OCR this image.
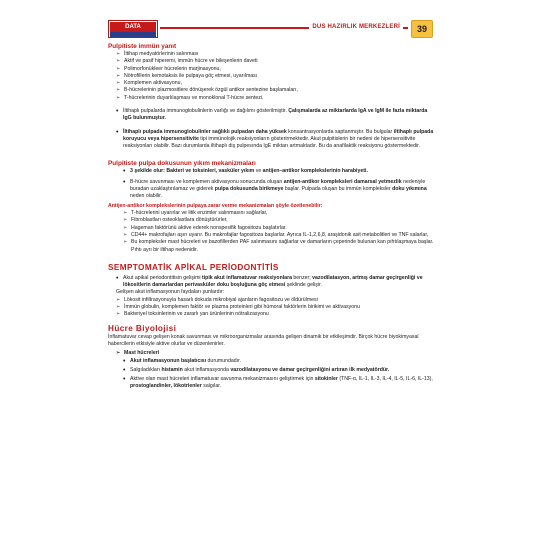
DATA	DUS HAZIRLIK MERKEZLERİ	39
Pulpitiste immün yanıt
➢ İltihap medyatörlerinin salınması
➢ Aktif ve pasif hiperemi, immün hücre ve bileşenlerin daveti
➢ Polimorfonükleer hücrelerin marjinasyonu,
➢ Nötrofillerin kemotaksis ile pulpaya göç etmesi, uyarılması
➢ Komplemen aktivasyonu,
➢ B-hücrelerinin plazmositlere dönüşerek özgül antikor sentezine başlamaları,
➢ T-hücrelerinin duyarlılaşması ve monoklonal T-hücre sentezi.
• İltihaplı pulpalarda immunoglobulinlerin varlığı ve dağılımı gösterilmiştir. Çalışmalarda az miktarlarda IgA ve IgM ile fazla miktarda IgG bulunmuştur.
• İltihaplı pulpada immunoglobulinler sağlıklı pulpadan daha yüksek konsantrasyonlarda saptanmıştır. Bu bulgular iltihaplı pulpada koruyucu veya hipersensitivite tipi immünolojik reaksiyonların gösterirmektedir. Akut pulpitislerin bir nedeni de hipersensitivite reaksiyonları olabilir. Bazı durumlarda iltihaplı diş pulpesında IgE miktarı artmaktadır. Bu da anafilaktik reaksiyonu göstermektedir.
Pulpitiste pulpa dokusunun yıkım mekanizmaları
• 3 şekilde olur: Bakteri ve toksinleri, vasküler yıkım ve antijen–antikor komplekslerinin harabiyeti.
• B-hücre savunması ve komplemen aktivasyonu sonucunda oluşan antijen-antikor kompleksleri damarsal yetmezlik nedeniyle buradan uzaklaştırılamaz ve giderek pulpa dokusunda birikmeye başlar. Pulpada oluşan bu immün kompleksler doku yıkımına neden olabilir.
Antijen-antikor komplekslerinin pulpaya zarar verme mekanizmaları şöyle özetlenebilir:
➢ T-hücrelerini uyarırlar ve litik enzimler salınmasını sağlarlar,
➢ Fibroblastları osteoklastlara dönüştürürler,
➢ Hageman faktörünü aktive ederek nonspesifik fagositozu başlatırlar.
➢ CD44+ makrofajları aşırı uyarır. Bu makrofajlar fagositoza başlarlar. Ayrıca IL-1,2,6,8, araşidonik asit metabolitleri ve TNF salarlar,
➢ Bu kompleksler mast hücreleri ve bazofillerden PAF salınmasını sağlarlar ve damarların çeperinde bulunan kan pıhtılaşmaya başlar. Pıhtı ayrı bir iltihap nedenidir.
SEMPTOMATİK APİKAL PERİODONTİTİS
• Akut apikal periodontitisin gelişimi tipik akut inflamatuvar reaksiyonlara benzer; vazodilatasyon, artmış damar geçirgenliği ve lökositlerin damarlardan perivasküler doku boşluğuna göç etmesi şeklinde gelişir.
Gelişen akut inflamasyonun faydaları şunlardır:
➢ Lökosit infiltrasyonuyla hasarlı dokuda mikrobiyal ajanların fagositozu ve öldürülmesi
➢ İmmün globulin, komplemen faktör ve plazma proteinleri gibi hümoral faktörlerin birikimi ve aktivasyonu
➢ Bakteriyel toksinlerinin ve zararlı yan ürünlerinin nötralizasyonu
Hücre Biyolojisi
İnflamatuvar cevap gelişen konak savunması ve mikroorganizmalar arasında gelişen dinamik bir etkileşimdir. Birçok hücre biyokimyasal habercilerin etkisiyle aktive olurlar ve düzenlenirler.
➢ Mast hücreleri
• Akut inflamasyonun başlatıcısı durumundadır.
• Salgıladıkları histamin akut inflamasyonda vazodilatasyonu ve damar geçirgenliğini artıran ilk medyatördür.
• Aktive olan mast hücreleri inflamatuvar savunma mekanizmasını geliştirmek için sitokinler (TNF-α, IL-1, IL-3, IL-4, IL-5, IL-6, IL-13), prostoglandinler, lökotrienler salgılar.
